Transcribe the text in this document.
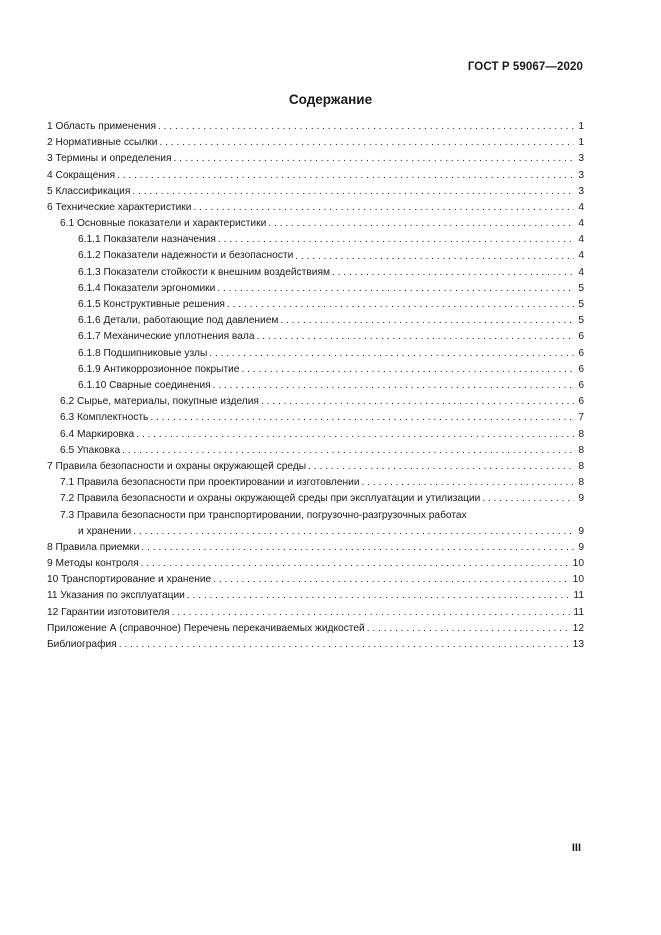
ГОСТ Р 59067—2020
Содержание
1 Область применения . . .	1
2 Нормативные ссылки . . .	1
3 Термины и определения . . .	3
4 Сокращения . . .	3
5 Классификация . . .	3
6 Технические характеристики . . .	4
6.1 Основные показатели и характеристики . . .	4
6.1.1 Показатели назначения . . .	4
6.1.2 Показатели надежности и безопасности . . .	4
6.1.3 Показатели стойкости к внешним воздействиям . . .	4
6.1.4 Показатели эргономики . . .	5
6.1.5 Конструктивные решения . . .	5
6.1.6 Детали, работающие под давлением . . .	5
6.1.7 Механические уплотнения вала . . .	6
6.1.8 Подшипниковые узлы . . .	6
6.1.9 Антикоррозионное покрытие . . .	6
6.1.10 Сварные соединения . . .	6
6.2 Сырье, материалы, покупные изделия . . .	6
6.3 Комплектность . . .	7
6.4 Маркировка . . .	8
6.5 Упаковка . . .	8
7 Правила безопасности и охраны окружающей среды . . .	8
7.1 Правила безопасности при проектировании и изготовлении . . .	8
7.2 Правила безопасности и охраны окружающей среды при эксплуатации и утилизации . . .	9
7.3 Правила безопасности при транспортировании, погрузочно-разгрузочных работах
и хранении . . .	9
8 Правила приемки . . .	9
9 Методы контроля . . .	10
10 Транспортирование и хранение . . .	10
11 Указания по эксплуатации . . .	11
12 Гарантии изготовителя . . .	11
Приложение А (справочное) Перечень перекачиваемых жидкостей . . .	12
Библиография . . .	13
III
